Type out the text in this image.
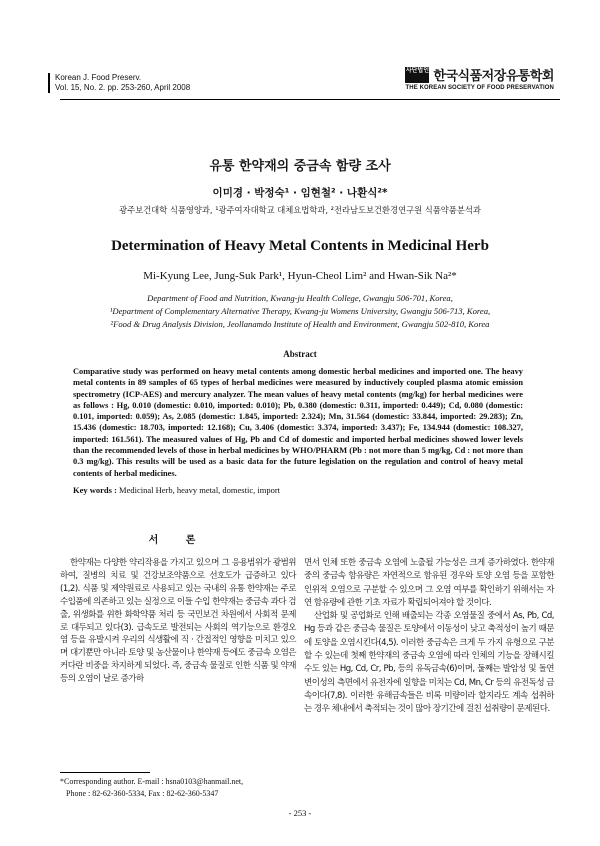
Korean J. Food Preserv.
Vol. 15, No. 2. pp. 253-260, April 2008
사단법인 한국식품저장유통학회
THE KOREAN SOCIETY OF FOOD PRESERVATION
유통 한약재의 중금속 함량 조사
이미경 · 박정숙¹ · 임현철² · 나환식²*
광주보건대학 식품영양과, ¹광주여자대학교 대체요법학과, ²전라남도보건환경연구원 식품약품분석과
Determination of Heavy Metal Contents in Medicinal Herb
Mi-Kyung Lee, Jung-Suk Park¹, Hyun-Cheol Lim² and Hwan-Sik Na²*
Department of Food and Nutrition, Kwang-ju Health College, Gwangju 506-701, Korea,
¹Department of Complementary Alternative Therapy, Kwang-ju Womens University, Gwangju 506-713, Korea,
²Food & Drug Analysis Division, Jeollanamdo Institute of Health and Environment, Gwangju 502-810, Korea
Abstract
Comparative study was performed on heavy metal contents among domestic herbal medicines and imported one. The heavy metal contents in 89 samples of 65 types of herbal medicines were measured by inductively coupled plasma atomic emission spectrometry (ICP-AES) and mercury analyzer. The mean values of heavy metal contents (mg/kg) for herbal medicines were as follows : Hg, 0.010 (domestic: 0.010, imported: 0.010); Pb, 0.380 (domestic: 0.311, imported: 0.449); Cd, 0.080 (domestic: 0.101, imported: 0.059); As, 2.085 (domestic: 1.845, imported: 2.324); Mn, 31.564 (domestic: 33.844, imported: 29.283); Zn, 15.436 (domestic: 18.703, imported: 12.168); Cu, 3.406 (domestic: 3.374, imported: 3.437); Fe, 134.944 (domestic: 108.327, imported: 161.561). The measured values of Hg, Pb and Cd of domestic and imported herbal medicines showed lower levels than the recommended levels of those in herbal medicines by WHO/PHARM (Pb : not more than 5 mg/kg, Cd : not more than 0.3 mg/kg). This results will be used as a basic data for the future legislation on the regulation and control of heavy metal contents of herbal medicines.
Key words : Medicinal Herb, heavy metal, domestic, import
서 론
한약재는 다양한 약리작용을 가지고 있으며 그 응용범위가 광범위하여, 질병의 치료 및 건강보조약품으로 선호도가 급증하고 있다(1,2). 식품 및 제약원료로 사용되고 있는 국내의 유통 한약재는 주로 수입품에 의존하고 있는 실정으로 이들 수입 한약재는 중금속 과다 검출, 위생화를 위한 화학약품 처리 등 국민보건 차원에서 사회적 문제로 대두되고 있다(3). 급속도로 발전되는 사회의 역기능으로 환경오염 등을 유발시켜 우리의 식생활에 직 · 간접적인 영향을 미치고 있으며 대기뿐만 아니라 토양 및 농산물이나 한약재 등에도 중금속 오염은 커다란 비중을 차지하게 되었다. 즉, 중금속 물질로 인한 식품 및 약재 등의 오염이 날로 증가하

면서 인체 또한 중금속 오염에 노출될 가능성은 크게 증가하였다. 한약재 중의 중금속 함유량은 자연적으로 함유된 경우와 토양 오염 등을 포함한 인위적 오염으로 구분할 수 있으며 그 오염 여부를 확인하기 위해서는 자연 함유량에 관한 기초 자료가 확립되어져야 할 것이다.

산업화 및 공업화로 인해 배출되는 각종 오염물질 중에서 As, Pb, Cd, Hg 등과 같은 중금속 물질은 토양에서 이동성이 낮고 축적성이 높기 때문에 토양을 오염시킨다(4,5). 이러한 중금속은 크게 두 가지 유형으로 구분할 수 있는데 첫째 한약재의 중금속 오염에 따라 인체의 기능을 장해시킬 수도 있는 Hg, Cd, Cr, Pb, 등의 유독금속(6)이며, 둘째는 발암성 및 돌연변이성의 측면에서 유전자에 일향을 미치는 Cd, Mn, Cr 등의 유전독성 금속이다(7,8). 이러한 유해금속들은 비록 미량이라 할지라도 계속 섭취하는 경우 체내에서 축적되는 것이 많아 장기간에 걸친 섭취량이 문제된다.
*Corresponding author. E-mail : hsna0103@hanmail.net,
Phone : 82-62-360-5334, Fax : 82-62-360-5347
- 253 -
